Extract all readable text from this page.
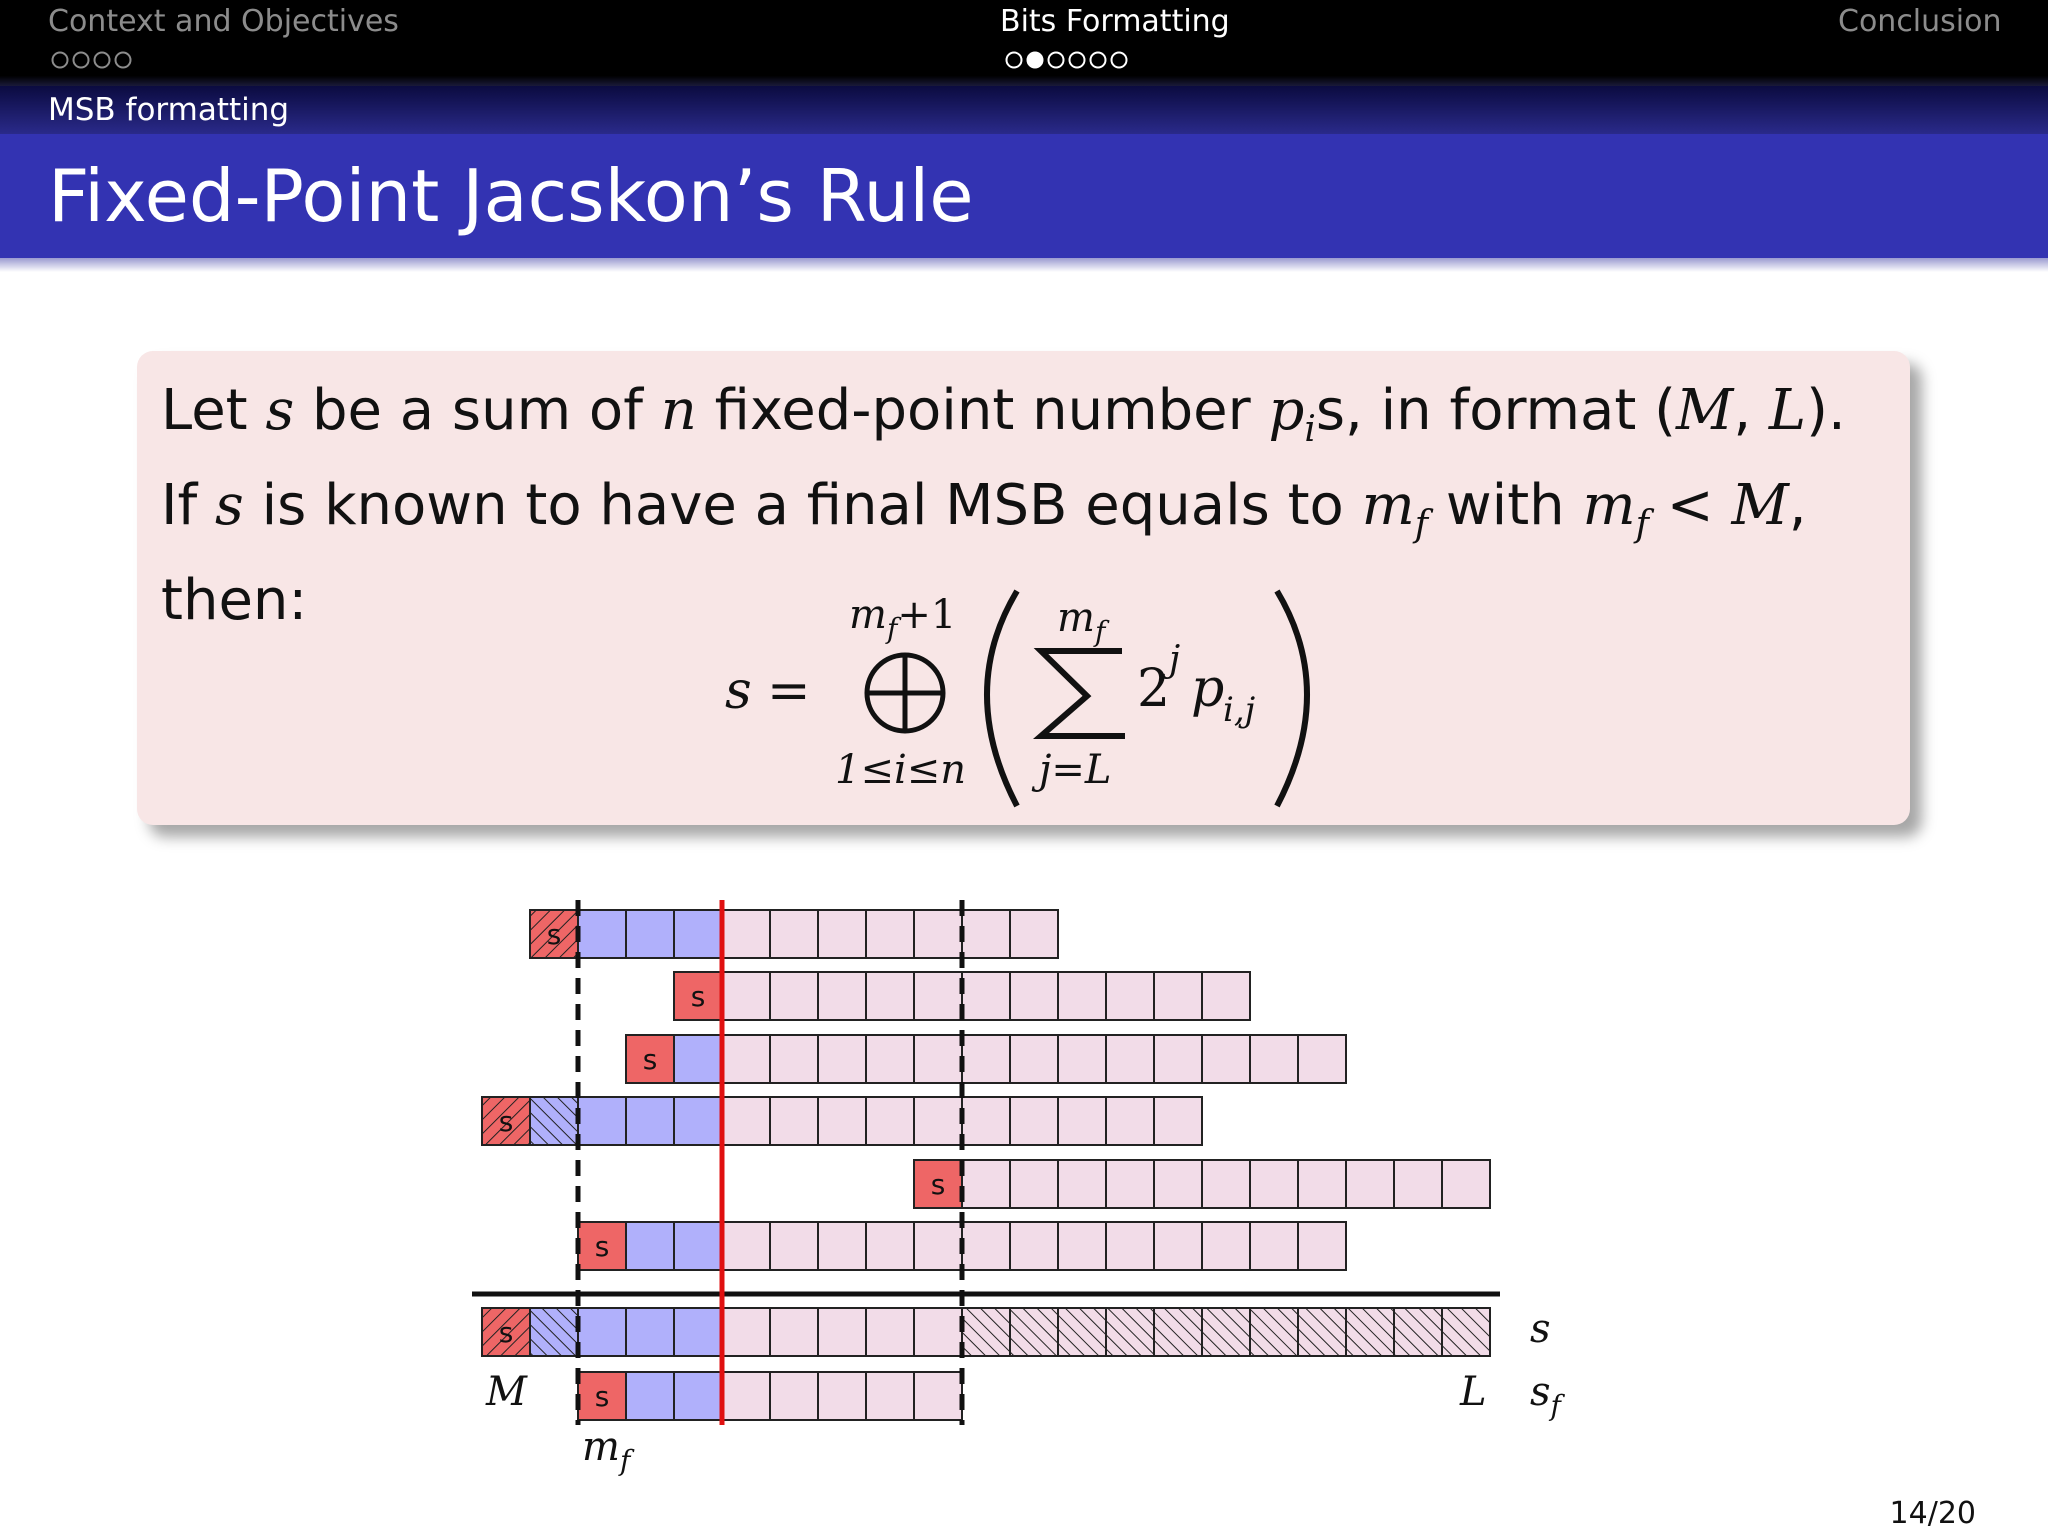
Context and Objectives	Bits Formatting	Conclusion
MSB formatting
Fixed-Point Jacskon’s Rule
Let s be a sum of n fixed-point number $p_is$, in format (M, L). If s is known to have a final MSB equals to $m_f$ with $m_f < M$, then:
s =
$m_f+1$
1≤i≤n
$m_f$
j=L
2
j p
i,j
s
s
s
s
s
s
s
s
M	L
$m_f$
s
$s_f$
14/20
